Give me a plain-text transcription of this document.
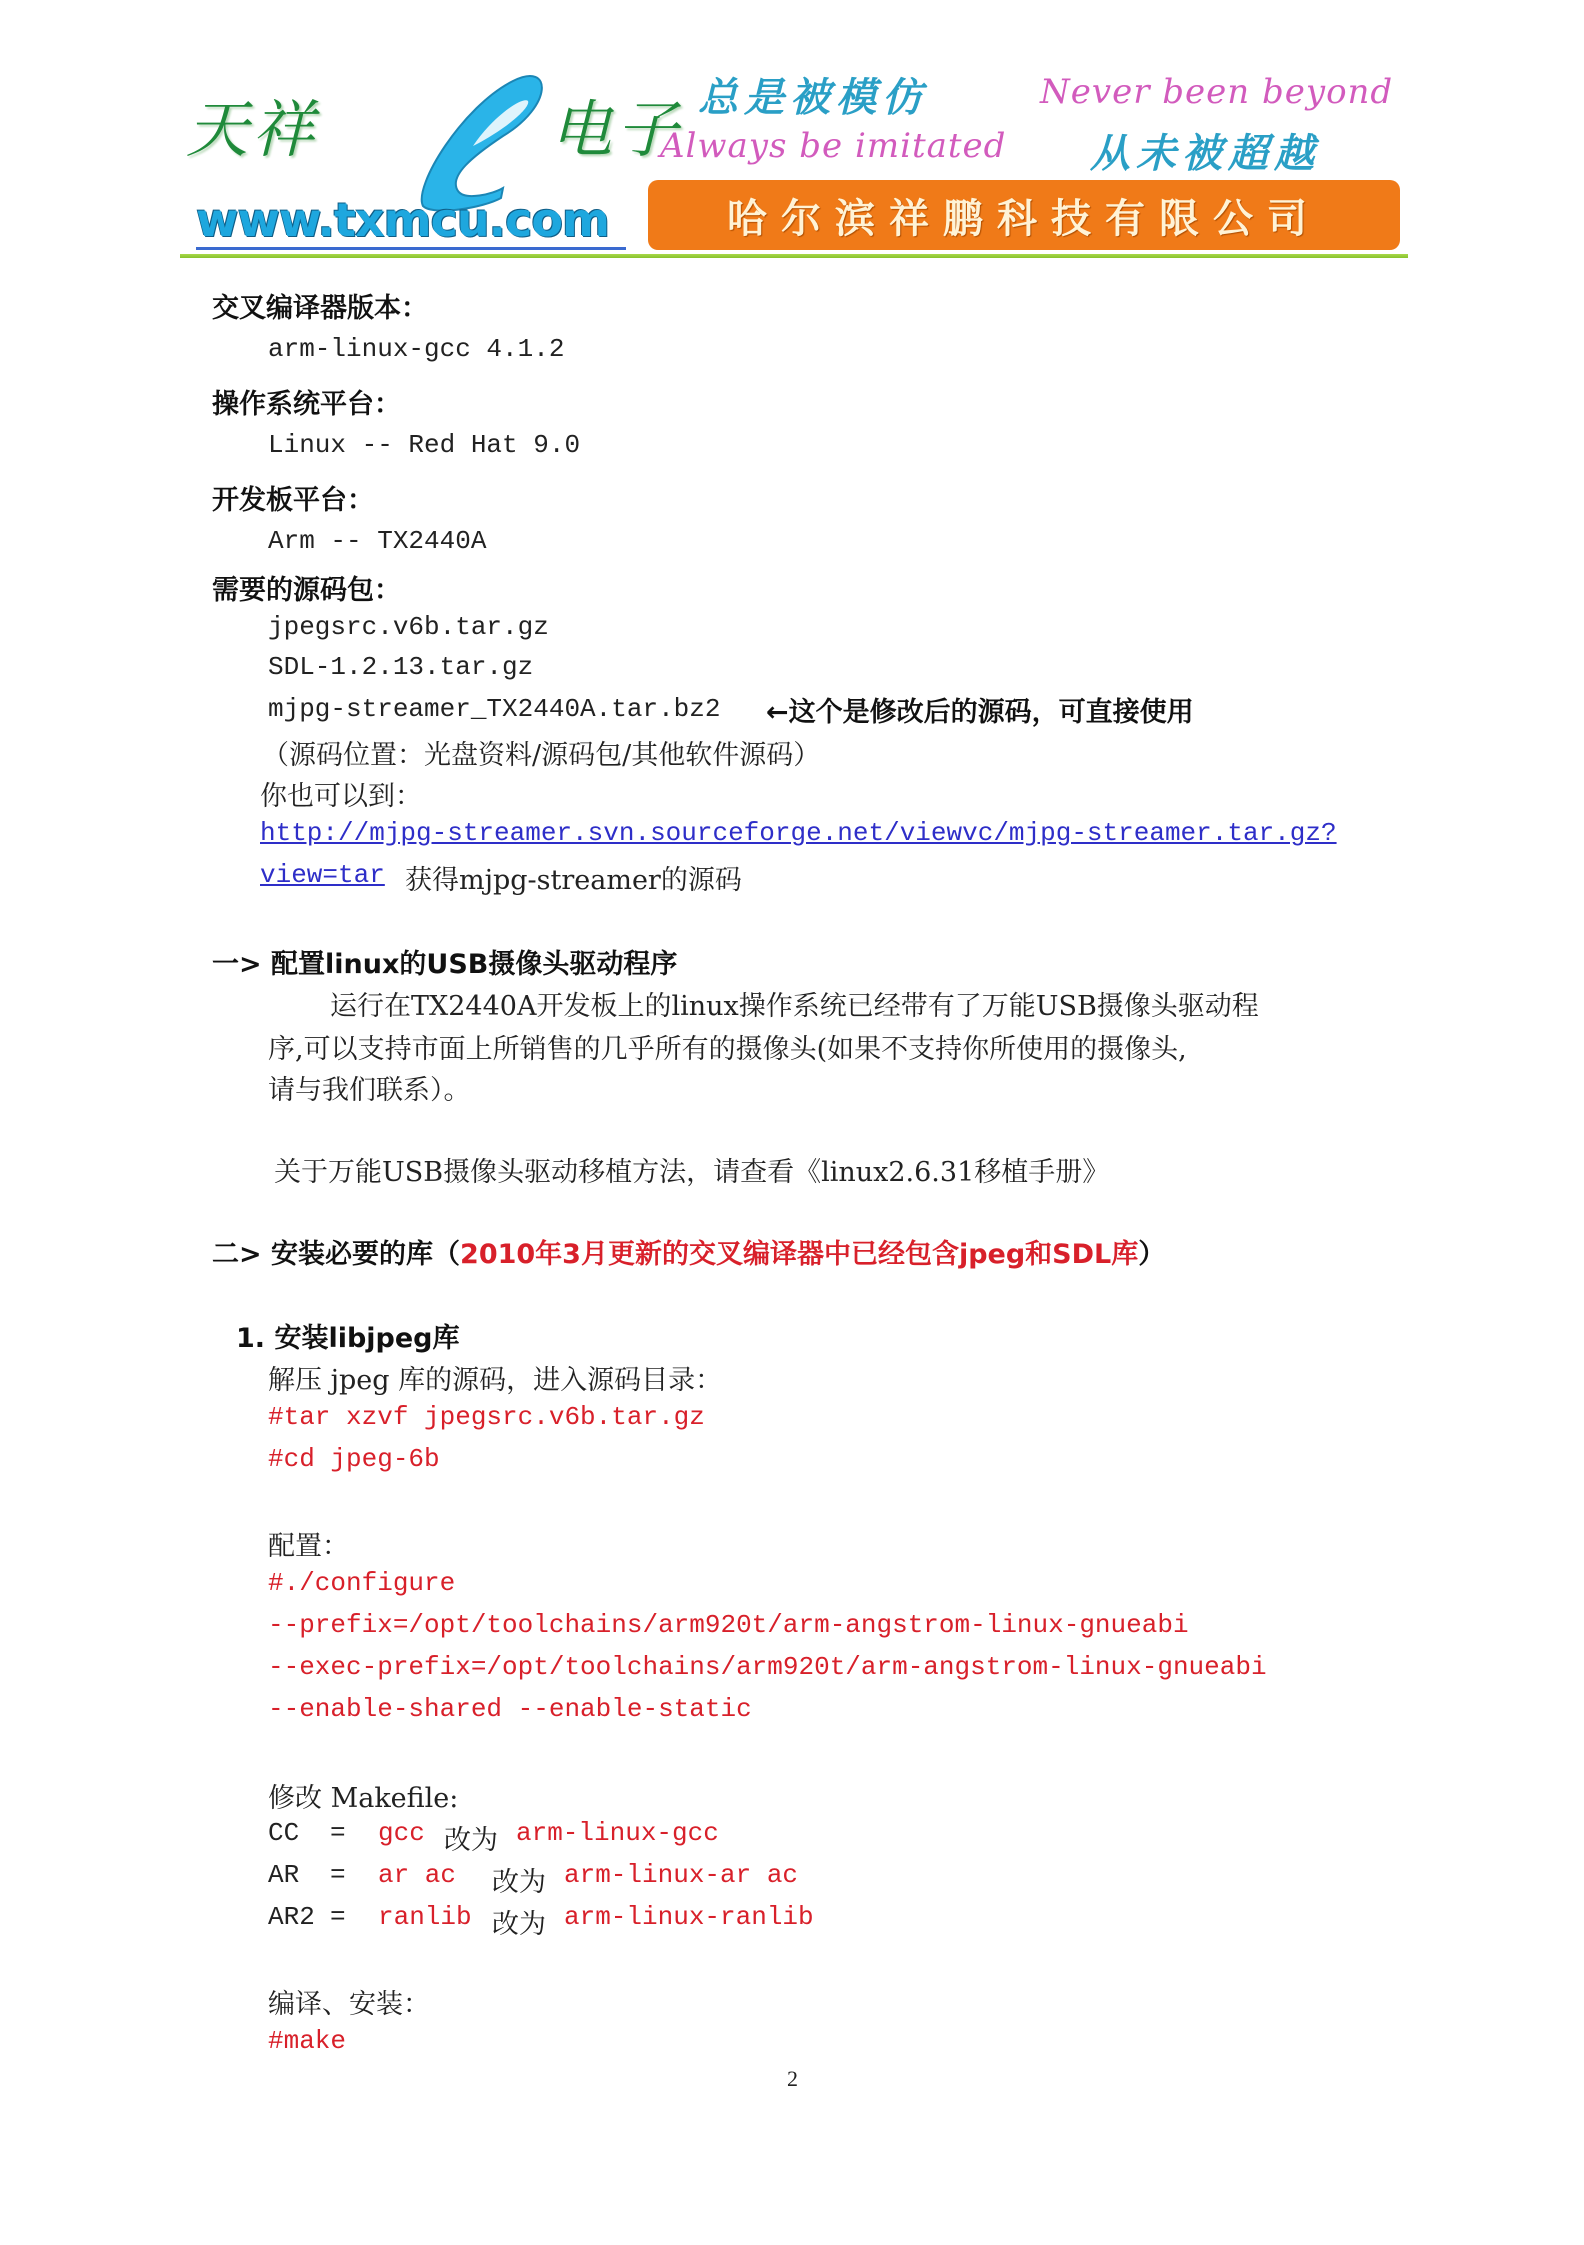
天祥	电子
www.txmcu.com
总是被模仿
Always be imitated
Never been beyond
从未被超越
哈尔滨祥鹏科技有限公司
交叉编译器版本：
arm-linux-gcc 4.1.2
操作系统平台：
Linux -- Red Hat 9.0
开发板平台：
Arm -- TX2440A
需要的源码包：
jpegsrc.v6b.tar.gz
SDL-1.2.13.tar.gz
mjpg-streamer_TX2440A.tar.bz2 ←这个是修改后的源码，可直接使用
（源码位置：光盘资料/源码包/其他软件源码）
你也可以到：
http://mjpg-streamer.svn.sourceforge.net/viewvc/mjpg-streamer.tar.gz?
view=tar 获得mjpg-streamer的源码
一> 配置linux的USB摄像头驱动程序
运行在TX2440A开发板上的linux操作系统已经带有了万能USB摄像头驱动程
序,可以支持市面上所销售的几乎所有的摄像头(如果不支持你所使用的摄像头,
请与我们联系）。
关于万能USB摄像头驱动移植方法，请查看《linux2.6.31移植手册》
二> 安装必要的库（2010年3月更新的交叉编译器中已经包含jpeg和SDL库）
1. 安装libjpeg库
解压 jpeg 库的源码，进入源码目录：
#tar xzvf jpegsrc.v6b.tar.gz
#cd jpeg-6b
配置：
#./configure
--prefix=/opt/toolchains/arm920t/arm-angstrom-linux-gnueabi
--exec-prefix=/opt/toolchains/arm920t/arm-angstrom-linux-gnueabi
--enable-shared --enable-static
修改 Makefile:
CC = gcc 改为 arm-linux-gcc
AR = ar ac 改为 arm-linux-ar ac
AR2 = ranlib 改为 arm-linux-ranlib
编译、安装：
#make
2
